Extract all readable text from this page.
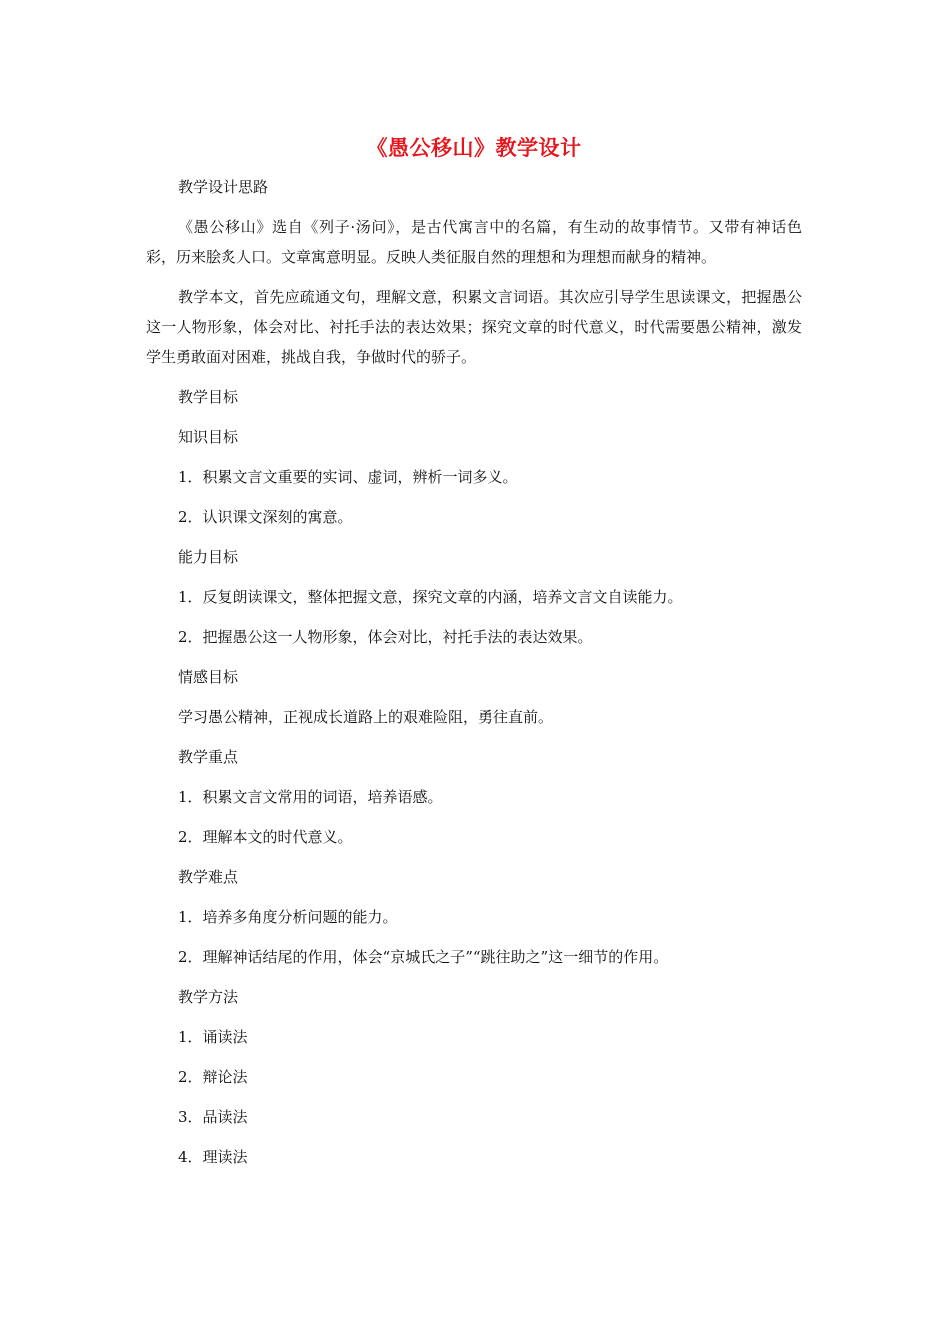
《愚公移山》教学设计

教学设计思路

《愚公移山》选自《列子·汤问》，是古代寓言中的名篇，有生动的故事情节。又带有神话色彩，历来脍炙人口。文章寓意明显。反映人类征服自然的理想和为理想而献身的精神。

教学本文，首先应疏通文句，理解文意，积累文言词语。其次应引导学生思读课文，把握愚公这一人物形象，体会对比、衬托手法的表达效果；探究文章的时代意义，时代需要愚公精神，激发学生勇敢面对困难，挑战自我，争做时代的骄子。

教学目标

知识目标

1．积累文言文重要的实词、虚词，辨析一词多义。

2．认识课文深刻的寓意。

能力目标

1．反复朗读课文，整体把握文意，探究文章的内涵，培养文言文自读能力。

2．把握愚公这一人物形象，体会对比，衬托手法的表达效果。

情感目标

学习愚公精神，正视成长道路上的艰难险阻，勇往直前。

教学重点

1．积累文言文常用的词语，培养语感。

2．理解本文的时代意义。

教学难点

1．培养多角度分析问题的能力。

2．理解神话结尾的作用，体会“京城氏之子”“跳往助之”这一细节的作用。

教学方法

1．诵读法

2．辩论法

3．品读法

4．理读法
